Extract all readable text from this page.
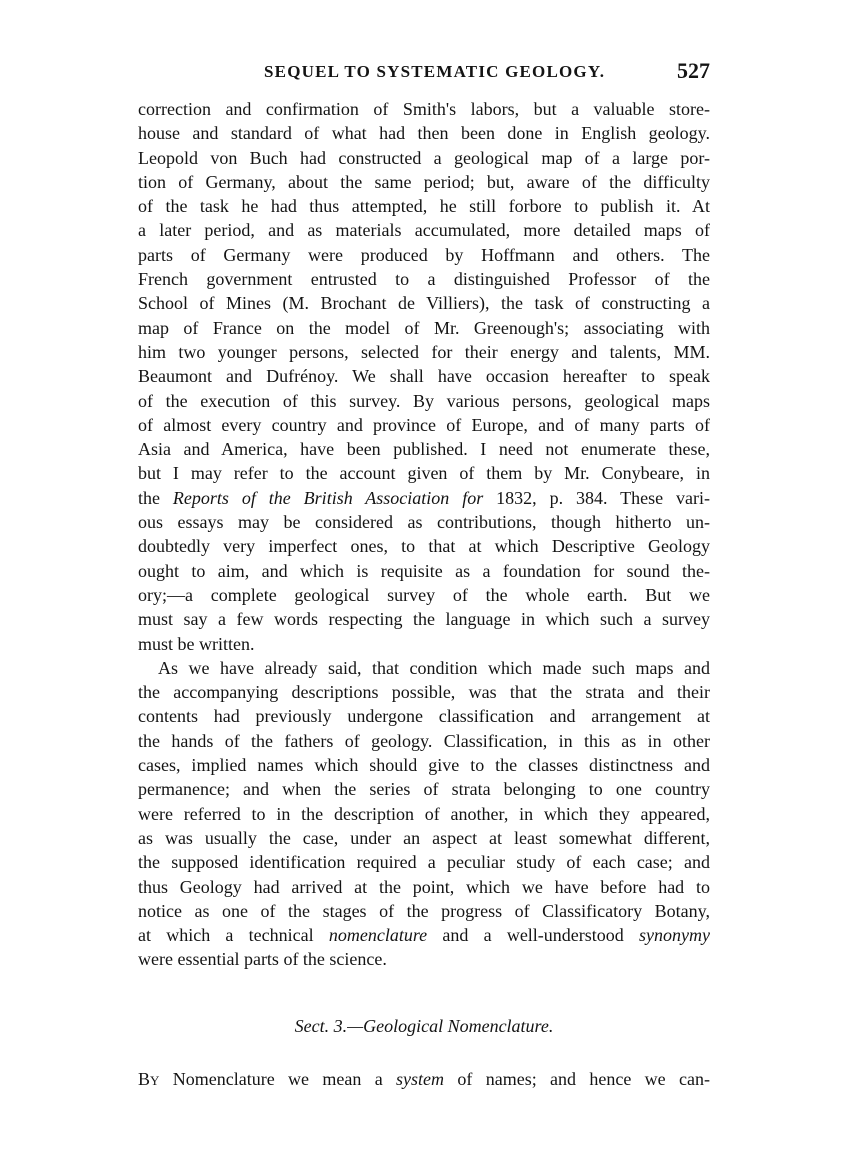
SEQUEL TO SYSTEMATIC GEOLOGY.	527
correction and confirmation of Smith's labors, but a valuable store-
house and standard of what had then been done in English geology.
Leopold von Buch had constructed a geological map of a large por-
tion of Germany, about the same period; but, aware of the difficulty
of the task he had thus attempted, he still forbore to publish it. At
a later period, and as materials accumulated, more detailed maps of
parts of Germany were produced by Hoffmann and others. The
French government entrusted to a distinguished Professor of the
School of Mines (M. Brochant de Villiers), the task of constructing a
map of France on the model of Mr. Greenough's; associating with
him two younger persons, selected for their energy and talents, MM.
Beaumont and Dufrénoy. We shall have occasion hereafter to speak
of the execution of this survey. By various persons, geological maps
of almost every country and province of Europe, and of many parts of
Asia and America, have been published. I need not enumerate these,
but I may refer to the account given of them by Mr. Conybeare, in
the Reports of the British Association for 1832, p. 384. These vari-
ous essays may be considered as contributions, though hitherto un-
doubtedly very imperfect ones, to that at which Descriptive Geology
ought to aim, and which is requisite as a foundation for sound the-
ory;—a complete geological survey of the whole earth. But we
must say a few words respecting the language in which such a survey
must be written.
As we have already said, that condition which made such maps and
the accompanying descriptions possible, was that the strata and their
contents had previously undergone classification and arrangement at
the hands of the fathers of geology. Classification, in this as in other
cases, implied names which should give to the classes distinctness and
permanence; and when the series of strata belonging to one country
were referred to in the description of another, in which they appeared,
as was usually the case, under an aspect at least somewhat different,
the supposed identification required a peculiar study of each case; and
thus Geology had arrived at the point, which we have before had to
notice as one of the stages of the progress of Classificatory Botany,
at which a technical nomenclature and a well-understood synonymy
were essential parts of the science.
Sect. 3.—Geological Nomenclature.
By Nomenclature we mean a system of names; and hence we can-
